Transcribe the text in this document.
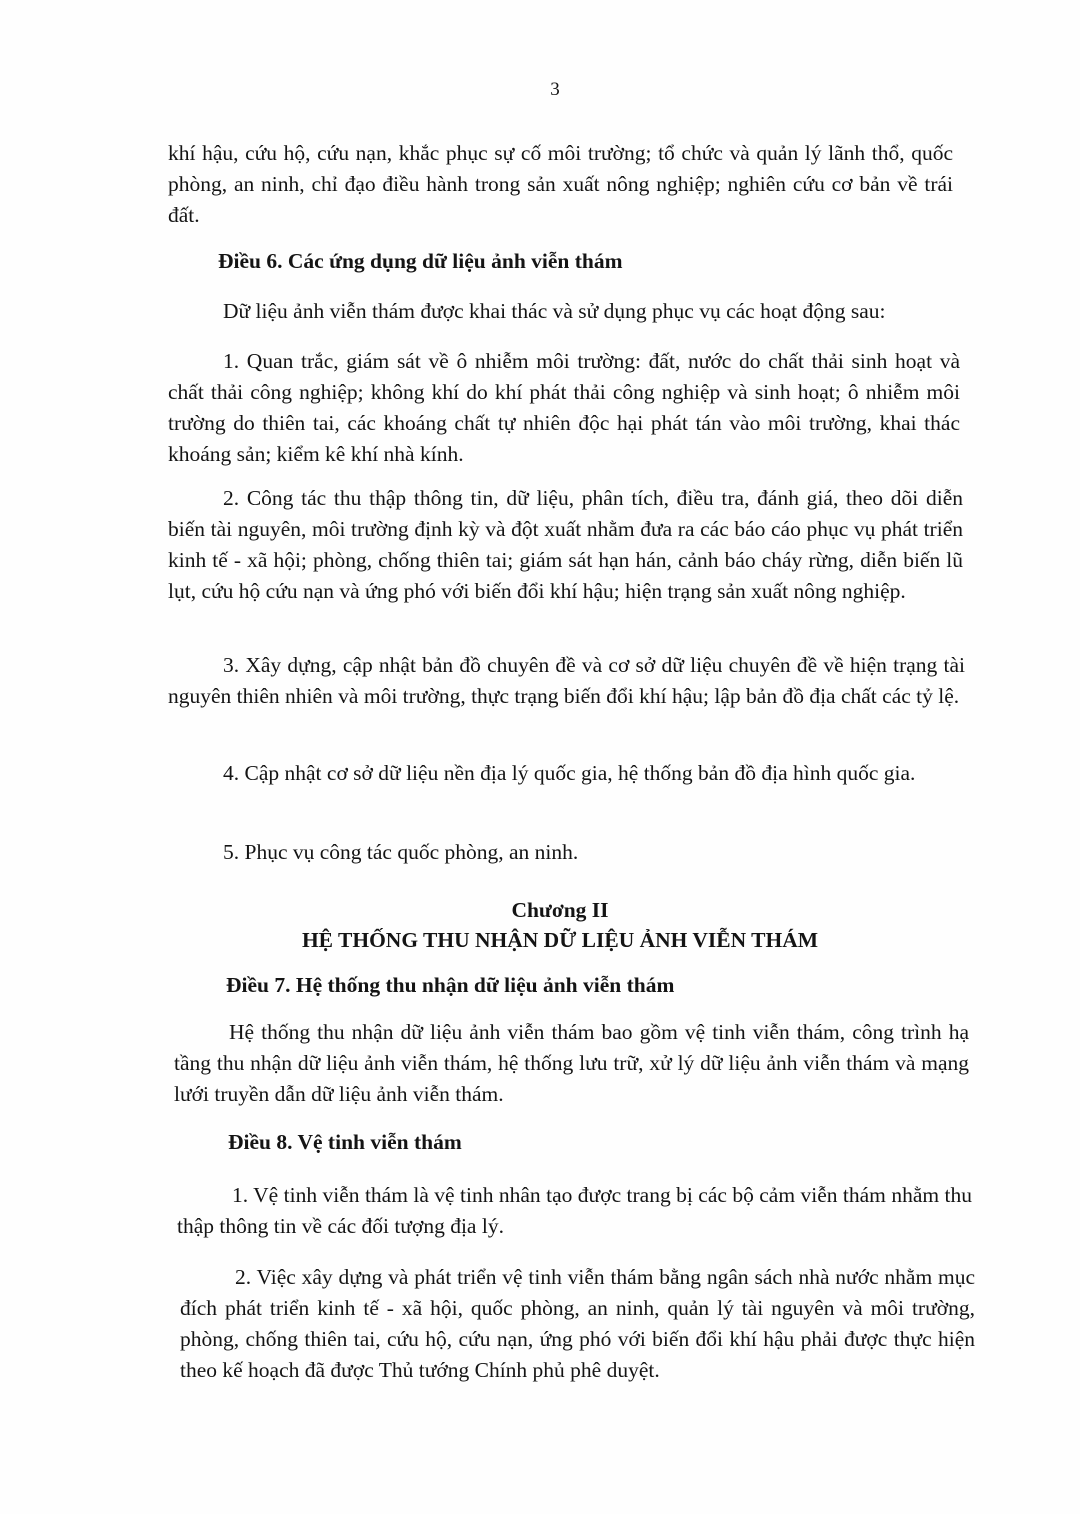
3

khí hậu, cứu hộ, cứu nạn, khắc phục sự cố môi trường; tổ chức và quản lý lãnh thổ, quốc phòng, an ninh, chỉ đạo điều hành trong sản xuất nông nghiệp; nghiên cứu cơ bản về trái đất.

Điều 6. Các ứng dụng dữ liệu ảnh viễn thám

Dữ liệu ảnh viễn thám được khai thác và sử dụng phục vụ các hoạt động sau:

1. Quan trắc, giám sát về ô nhiễm môi trường: đất, nước do chất thải sinh hoạt và chất thải công nghiệp; không khí do khí phát thải công nghiệp và sinh hoạt; ô nhiễm môi trường do thiên tai, các khoáng chất tự nhiên độc hại phát tán vào môi trường, khai thác khoáng sản; kiểm kê khí nhà kính.

2. Công tác thu thập thông tin, dữ liệu, phân tích, điều tra, đánh giá, theo dõi diễn biến tài nguyên, môi trường định kỳ và đột xuất nhằm đưa ra các báo cáo phục vụ phát triển kinh tế - xã hội; phòng, chống thiên tai; giám sát hạn hán, cảnh báo cháy rừng, diễn biến lũ lụt, cứu hộ cứu nạn và ứng phó với biến đổi khí hậu; hiện trạng sản xuất nông nghiệp.

3. Xây dựng, cập nhật bản đồ chuyên đề và cơ sở dữ liệu chuyên đề về hiện trạng tài nguyên thiên nhiên và môi trường, thực trạng biến đổi khí hậu; lập bản đồ địa chất các tỷ lệ.

4. Cập nhật cơ sở dữ liệu nền địa lý quốc gia, hệ thống bản đồ địa hình quốc gia.

5. Phục vụ công tác quốc phòng, an ninh.

Chương II
HỆ THỐNG THU NHẬN DỮ LIỆU ẢNH VIỄN THÁM
Điều 7. Hệ thống thu nhận dữ liệu ảnh viễn thám

Hệ thống thu nhận dữ liệu ảnh viễn thám bao gồm vệ tinh viễn thám, công trình hạ tầng thu nhận dữ liệu ảnh viễn thám, hệ thống lưu trữ, xử lý dữ liệu ảnh viễn thám và mạng lưới truyền dẫn dữ liệu ảnh viễn thám.

Điều 8. Vệ tinh viễn thám

1. Vệ tinh viễn thám là vệ tinh nhân tạo được trang bị các bộ cảm viễn thám nhằm thu thập thông tin về các đối tượng địa lý.

2. Việc xây dựng và phát triển vệ tinh viễn thám bằng ngân sách nhà nước nhằm mục đích phát triển kinh tế - xã hội, quốc phòng, an ninh, quản lý tài nguyên và môi trường, phòng, chống thiên tai, cứu hộ, cứu nạn, ứng phó với biến đổi khí hậu phải được thực hiện theo kế hoạch đã được Thủ tướng Chính phủ phê duyệt.
